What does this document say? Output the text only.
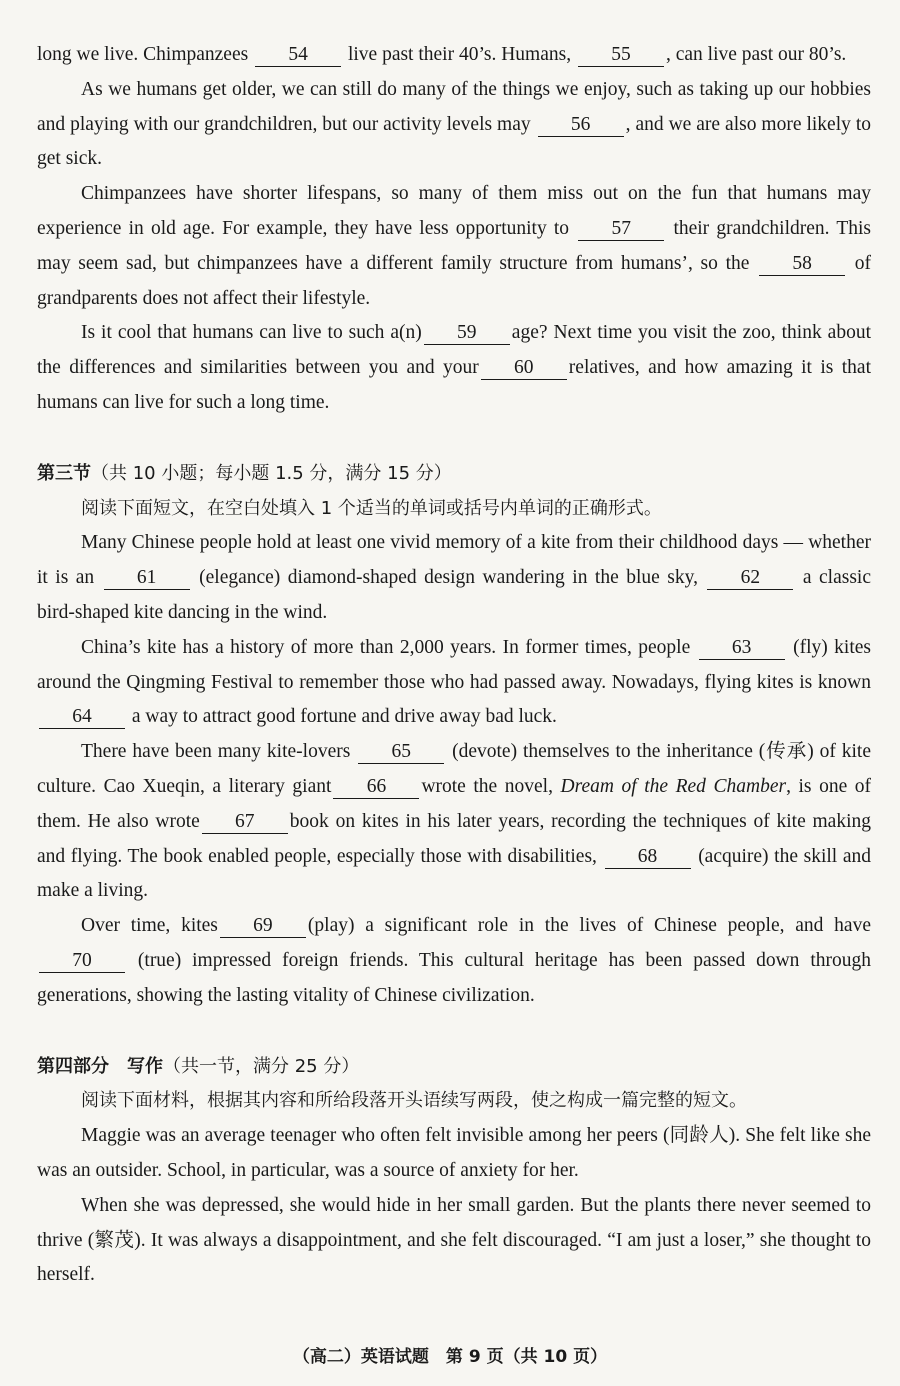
long we live. Chimpanzees 54 live past their 40’s. Humans, 55 , can live past our 80’s.

As we humans get older, we can still do many of the things we enjoy, such as taking up our hobbies and playing with our grandchildren, but our activity levels may 56 , and we are also more likely to get sick.

Chimpanzees have shorter lifespans, so many of them miss out on the fun that humans may experience in old age. For example, they have less opportunity to 57 their grandchildren. This may seem sad, but chimpanzees have a different family structure from humans’, so the 58 of grandparents does not affect their lifestyle.

Is it cool that humans can live to such a(n) 59 age? Next time you visit the zoo, think about the differences and similarities between you and your 60 relatives, and how amazing it is that humans can live for such a long time.

第三节（共 10 小题；每小题 1.5 分，满分 15 分）

阅读下面短文，在空白处填入 1 个适当的单词或括号内单词的正确形式。

Many Chinese people hold at least one vivid memory of a kite from their childhood days — whether it is an 61 (elegance) diamond-shaped design wandering in the blue sky, 62 a classic bird-shaped kite dancing in the wind.

China’s kite has a history of more than 2,000 years. In former times, people 63 (fly) kites around the Qingming Festival to remember those who had passed away. Nowadays, flying kites is known 64 a way to attract good fortune and drive away bad luck.

There have been many kite-lovers 65 (devote) themselves to the inheritance (传承) of kite culture. Cao Xueqin, a literary giant 66 wrote the novel, Dream of the Red Chamber, is one of them. He also wrote 67 book on kites in his later years, recording the techniques of kite making and flying. The book enabled people, especially those with disabilities, 68 (acquire) the skill and make a living.

Over time, kites 69 (play) a significant role in the lives of Chinese people, and have 70 (true) impressed foreign friends. This cultural heritage has been passed down through generations, showing the lasting vitality of Chinese civilization.

第四部分　写作（共一节，满分 25 分）

阅读下面材料，根据其内容和所给段落开头语续写两段，使之构成一篇完整的短文。

Maggie was an average teenager who often felt invisible among her peers (同龄人). She felt like she was an outsider. School, in particular, was a source of anxiety for her.

When she was depressed, she would hide in her small garden. But the plants there never seemed to thrive (繁茂). It was always a disappointment, and she felt discouraged. “I am just a loser,” she thought to herself.

（高二）英语试题　第 9 页（共 10 页）
